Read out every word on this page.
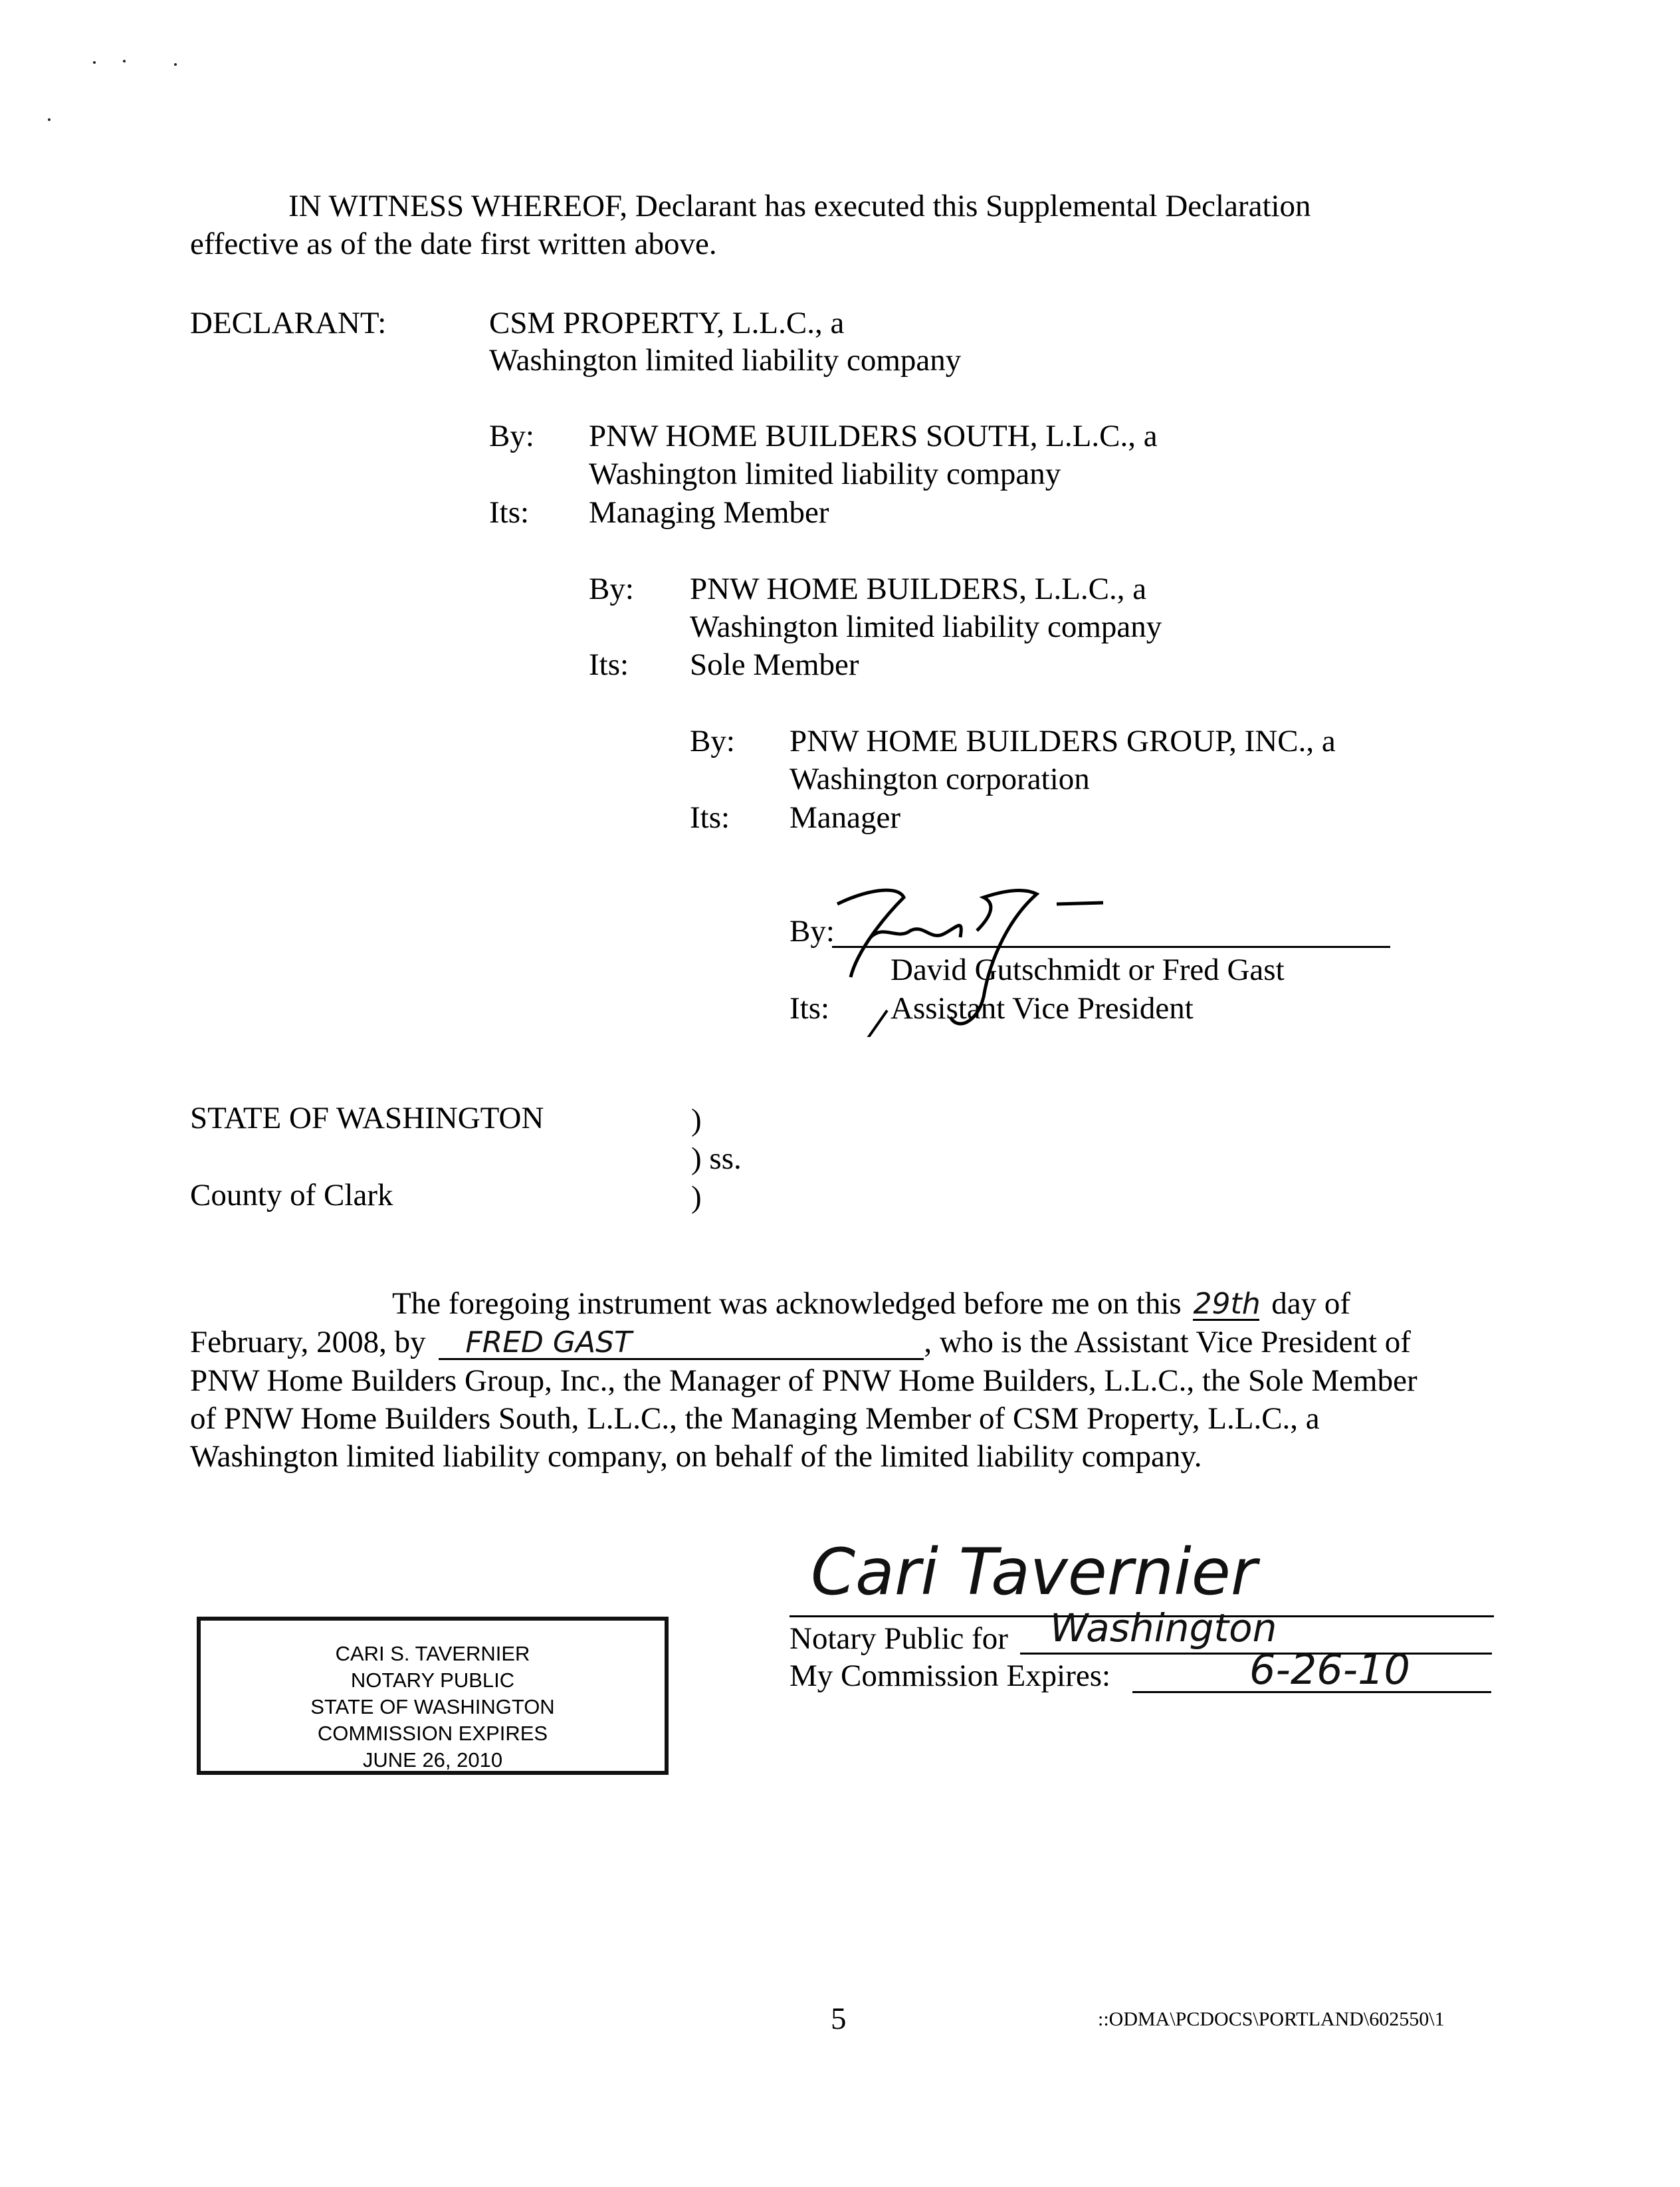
IN WITNESS WHEREOF, Declarant has executed this Supplemental Declaration
effective as of the date first written above.
DECLARANT:	CSM PROPERTY, L.L.C., a
Washington limited liability company
By: PNW HOME BUILDERS SOUTH, L.L.C., a
Washington limited liability company
Its: Managing Member
By: PNW HOME BUILDERS, L.L.C., a
Washington limited liability company
Its: Sole Member
By: PNW HOME BUILDERS GROUP, INC., a
Washington corporation
Its: Manager
By:
David Gutschmidt or Fred Gast
Its: Assistant Vice President
STATE OF WASHINGTON	)
) ss.
County of Clark	)
The foregoing instrument was acknowledged before me on this 29th day of
February, 2008, by FRED GAST	, who is the Assistant Vice President of
PNW Home Builders Group, Inc., the Manager of PNW Home Builders, L.L.C., the Sole Member
of PNW Home Builders South, L.L.C., the Managing Member of CSM Property, L.L.C., a
Washington limited liability company, on behalf of the limited liability company.
Cari Tavernier
Notary Public for Washington
My Commission Expires:	6-26-10
CARI S. TAVERNIER
NOTARY PUBLIC
STATE OF WASHINGTON
COMMISSION EXPIRES
JUNE 26, 2010
5	::ODMA\PCDOCS\PORTLAND\602550\1
